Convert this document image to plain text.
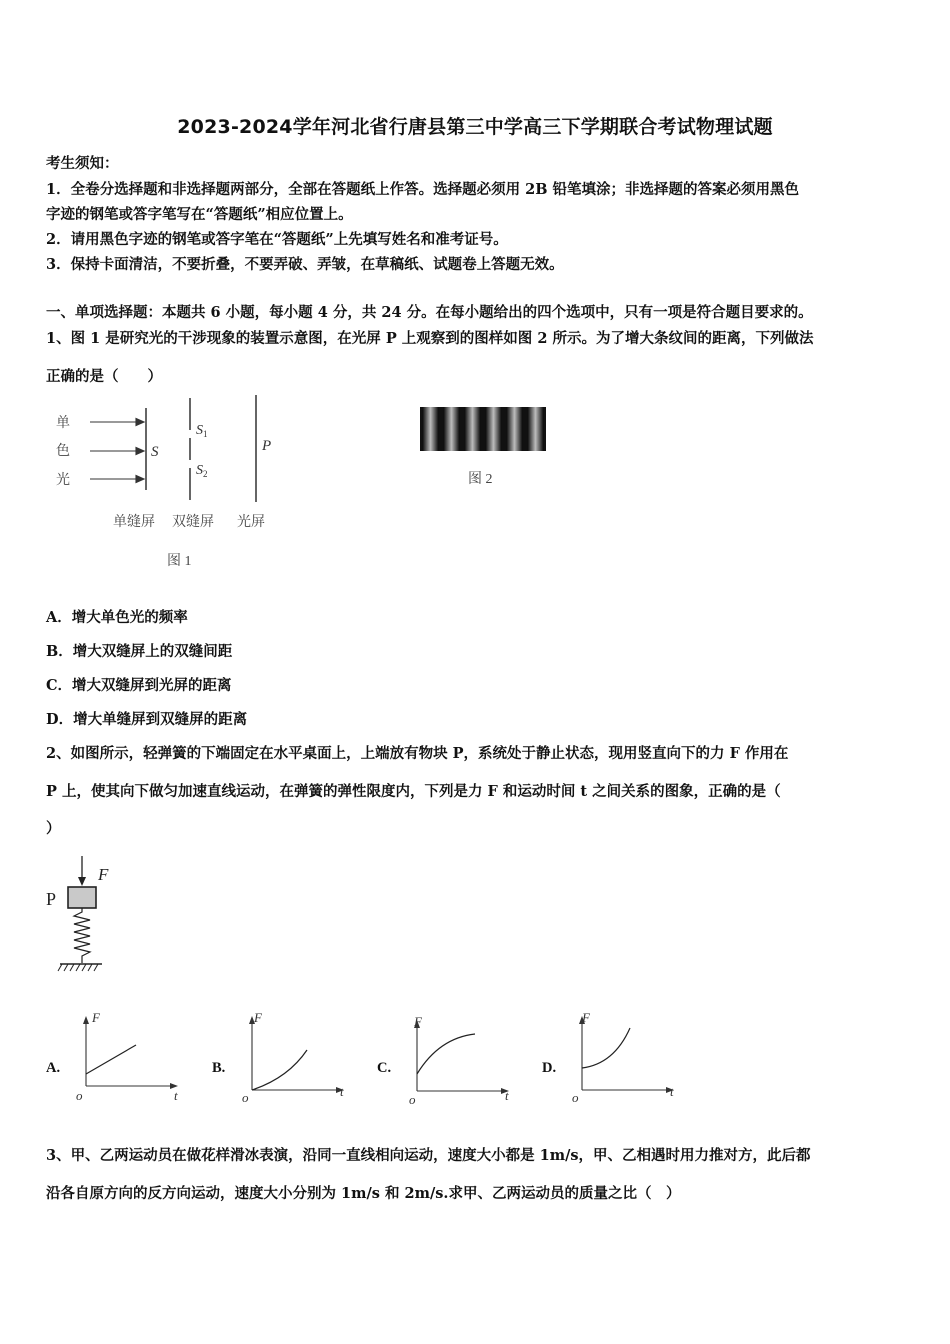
2023-2024学年河北省行唐县第三中学高三下学期联合考试物理试题
考生须知：
1．全卷分选择题和非选择题两部分，全部在答题纸上作答。选择题必须用 2B 铅笔填涂；非选择题的答案必须用黑色
字迹的钢笔或答字笔写在“答题纸”相应位置上。
2．请用黑色字迹的钢笔或答字笔在“答题纸”上先填写姓名和准考证号。
3．保持卡面清洁，不要折叠，不要弄破、弄皱，在草稿纸、试题卷上答题无效。
一、单项选择题：本题共 6 小题，每小题 4 分，共 24 分。在每小题给出的四个选项中，只有一项是符合题目要求的。
1、图 1 是研究光的干涉现象的装置示意图，在光屏 P 上观察到的图样如图 2 所示。为了增大条纹间的距离，下列做法
正确的是（　　）
单
色
光
S
$S_1$
$S_2$
P
单缝屏 双缝屏 光屏
图 1
图 2
A．增大单色光的频率
B．增大双缝屏上的双缝间距
C．增大双缝屏到光屏的距离
D．增大单缝屏到双缝屏的距离
2、如图所示，轻弹簧的下端固定在水平桌面上，上端放有物块 P，系统处于静止状态，现用竖直向下的力 F 作用在
P 上，使其向下做匀加速直线运动，在弹簧的弹性限度内，下列是力 F 和运动时间 t 之间关系的图象，正确的是（
）
F
P
A.
F
t
o
B.
F
t
o
C.
F
t
o
D.
F
t
o
3、甲、乙两运动员在做花样滑冰表演，沿同一直线相向运动，速度大小都是 1m/s，甲、乙相遇时用力推对方，此后都
沿各自原方向的反方向运动，速度大小分别为 1m/s 和 2m/s.求甲、乙两运动员的质量之比（　）
